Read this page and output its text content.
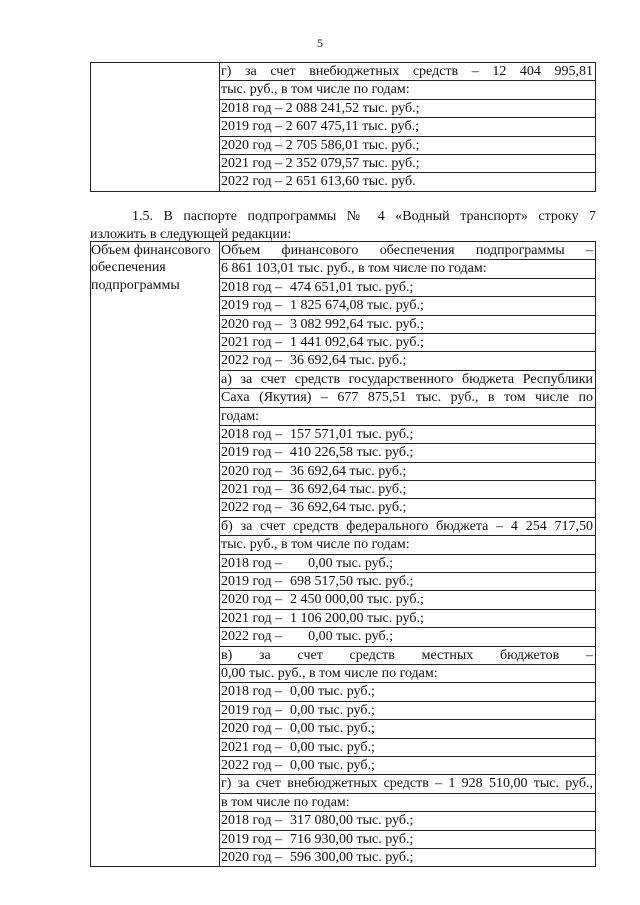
5

г) за счет внебюджетных средств – 12 404 995,81
тыс. руб., в том числе по годам:
2018 год – 2 088 241,52 тыс. руб.;
2019 год – 2 607 475,11 тыс. руб.;
2020 год – 2 705 586,01 тыс. руб.;
2021 год – 2 352 079,57 тыс. руб.;
2022 год – 2 651 613,60 тыс. руб.
1.5. В паспорте подпрограммы № 4 «Водный транспорт» строку 7
изложить в следующей редакции:
Объем финансового обеспечения подпрограммы

Объем финансового обеспечения подпрограммы –
6 861 103,01 тыс. руб., в том числе по годам:
2018 год – 474 651,01 тыс. руб.;
2019 год – 1 825 674,08 тыс. руб.;
2020 год – 3 082 992,64 тыс. руб.;
2021 год – 1 441 092,64 тыс. руб.;
2022 год – 36 692,64 тыс. руб.;
а) за счет средств государственного бюджета Республики
Саха (Якутия) – 677 875,51 тыс. руб., в том числе по
годам:
2018 год – 157 571,01 тыс. руб.;
2019 год – 410 226,58 тыс. руб.;
2020 год – 36 692,64 тыс. руб.;
2021 год – 36 692,64 тыс. руб.;
2022 год – 36 692,64 тыс. руб.;
б) за счет средств федерального бюджета – 4 254 717,50
тыс. руб., в том числе по годам:
2018 год – 0,00 тыс. руб.;
2019 год – 698 517,50 тыс. руб.;
2020 год – 2 450 000,00 тыс. руб.;
2021 год – 1 106 200,00 тыс. руб.;
2022 год – 0,00 тыс. руб.;
в) за счет средств местных бюджетов –
0,00 тыс. руб., в том числе по годам:
2018 год – 0,00 тыс. руб.;
2019 год – 0,00 тыс. руб.;
2020 год – 0,00 тыс. руб.;
2021 год – 0,00 тыс. руб.;
2022 год – 0,00 тыс. руб.;
г) за счет внебюджетных средств – 1 928 510,00 тыс. руб.,
в том числе по годам:
2018 год – 317 080,00 тыс. руб.;
2019 год – 716 930,00 тыс. руб.;
2020 год – 596 300,00 тыс. руб.;
